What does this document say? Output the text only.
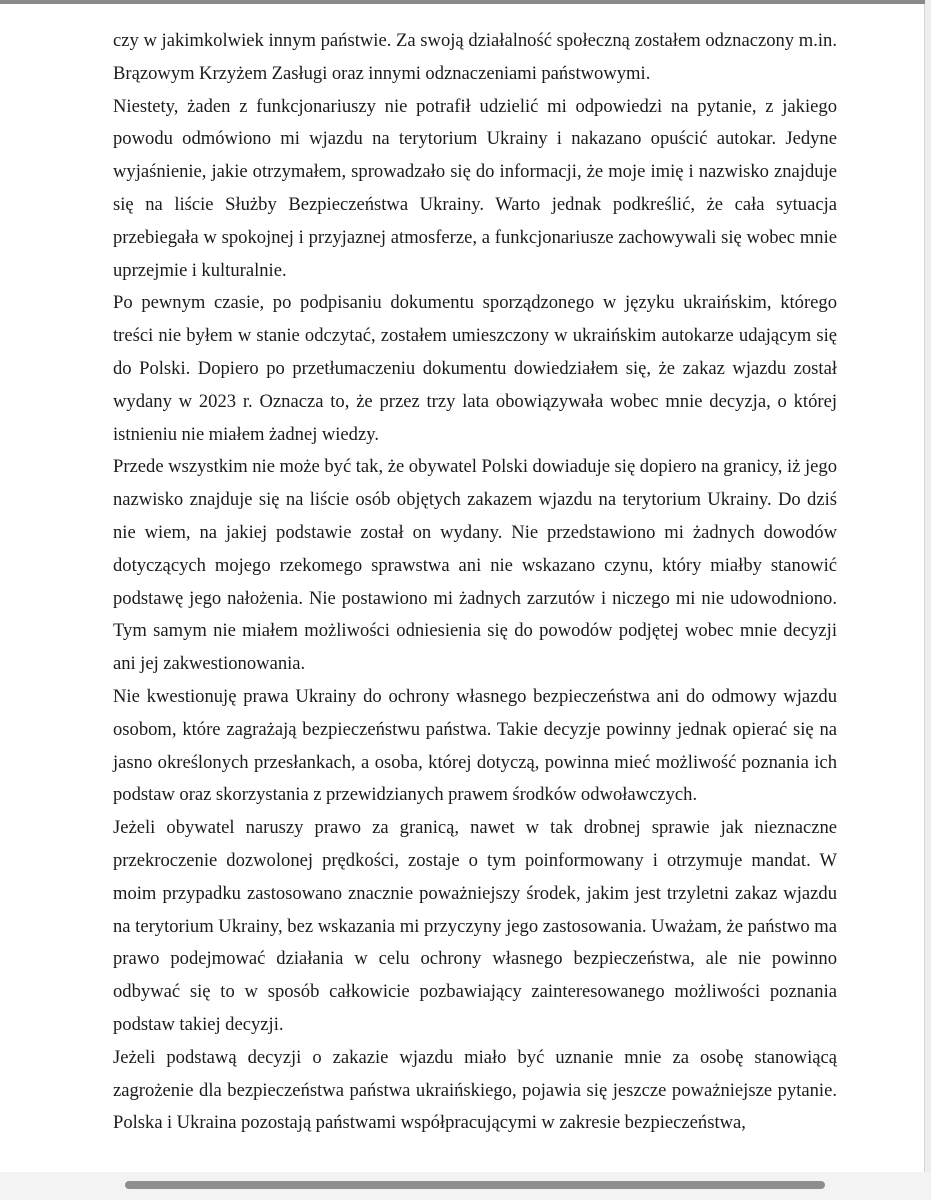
czy w jakimkolwiek innym państwie. Za swoją działalność społeczną zostałem odznaczony m.in. Brązowym Krzyżem Zasługi oraz innymi odznaczeniami państwowymi.

Niestety, żaden z funkcjonariuszy nie potrafił udzielić mi odpowiedzi na pytanie, z jakiego powodu odmówiono mi wjazdu na terytorium Ukrainy i nakazano opuścić autokar. Jedyne wyjaśnienie, jakie otrzymałem, sprowadzało się do informacji, że moje imię i nazwisko znajduje się na liście Służby Bezpieczeństwa Ukrainy. Warto jednak podkreślić, że cała sytuacja przebiegała w spokojnej i przyjaznej atmosferze, a funkcjonariusze zachowywali się wobec mnie uprzejmie i kulturalnie.

Po pewnym czasie, po podpisaniu dokumentu sporządzonego w języku ukraińskim, którego treści nie byłem w stanie odczytać, zostałem umieszczony w ukraińskim autokarze udającym się do Polski. Dopiero po przetłumaczeniu dokumentu dowiedziałem się, że zakaz wjazdu został wydany w 2023 r. Oznacza to, że przez trzy lata obowiązywała wobec mnie decyzja, o której istnieniu nie miałem żadnej wiedzy.

Przede wszystkim nie może być tak, że obywatel Polski dowiaduje się dopiero na granicy, iż jego nazwisko znajduje się na liście osób objętych zakazem wjazdu na terytorium Ukrainy. Do dziś nie wiem, na jakiej podstawie został on wydany. Nie przedstawiono mi żadnych dowodów dotyczących mojego rzekomego sprawstwa ani nie wskazano czynu, który miałby stanowić podstawę jego nałożenia. Nie postawiono mi żadnych zarzutów i niczego mi nie udowodniono. Tym samym nie miałem możliwości odniesienia się do powodów podjętej wobec mnie decyzji ani jej zakwestionowania.

Nie kwestionuję prawa Ukrainy do ochrony własnego bezpieczeństwa ani do odmowy wjazdu osobom, które zagrażają bezpieczeństwu państwa. Takie decyzje powinny jednak opierać się na jasno określonych przesłankach, a osoba, której dotyczą, powinna mieć możliwość poznania ich podstaw oraz skorzystania z przewidzianych prawem środków odwoławczych.

Jeżeli obywatel naruszy prawo za granicą, nawet w tak drobnej sprawie jak nieznaczne przekroczenie dozwolonej prędkości, zostaje o tym poinformowany i otrzymuje mandat. W moim przypadku zastosowano znacznie poważniejszy środek, jakim jest trzyletni zakaz wjazdu na terytorium Ukrainy, bez wskazania mi przyczyny jego zastosowania. Uważam, że państwo ma prawo podejmować działania w celu ochrony własnego bezpieczeństwa, ale nie powinno odbywać się to w sposób całkowicie pozbawiający zainteresowanego możliwości poznania podstaw takiej decyzji.

Jeżeli podstawą decyzji o zakazie wjazdu miało być uznanie mnie za osobę stanowiącą zagrożenie dla bezpieczeństwa państwa ukraińskiego, pojawia się jeszcze poważniejsze pytanie. Polska i Ukraina pozostają państwami współpracującymi w zakresie bezpieczeństwa,
